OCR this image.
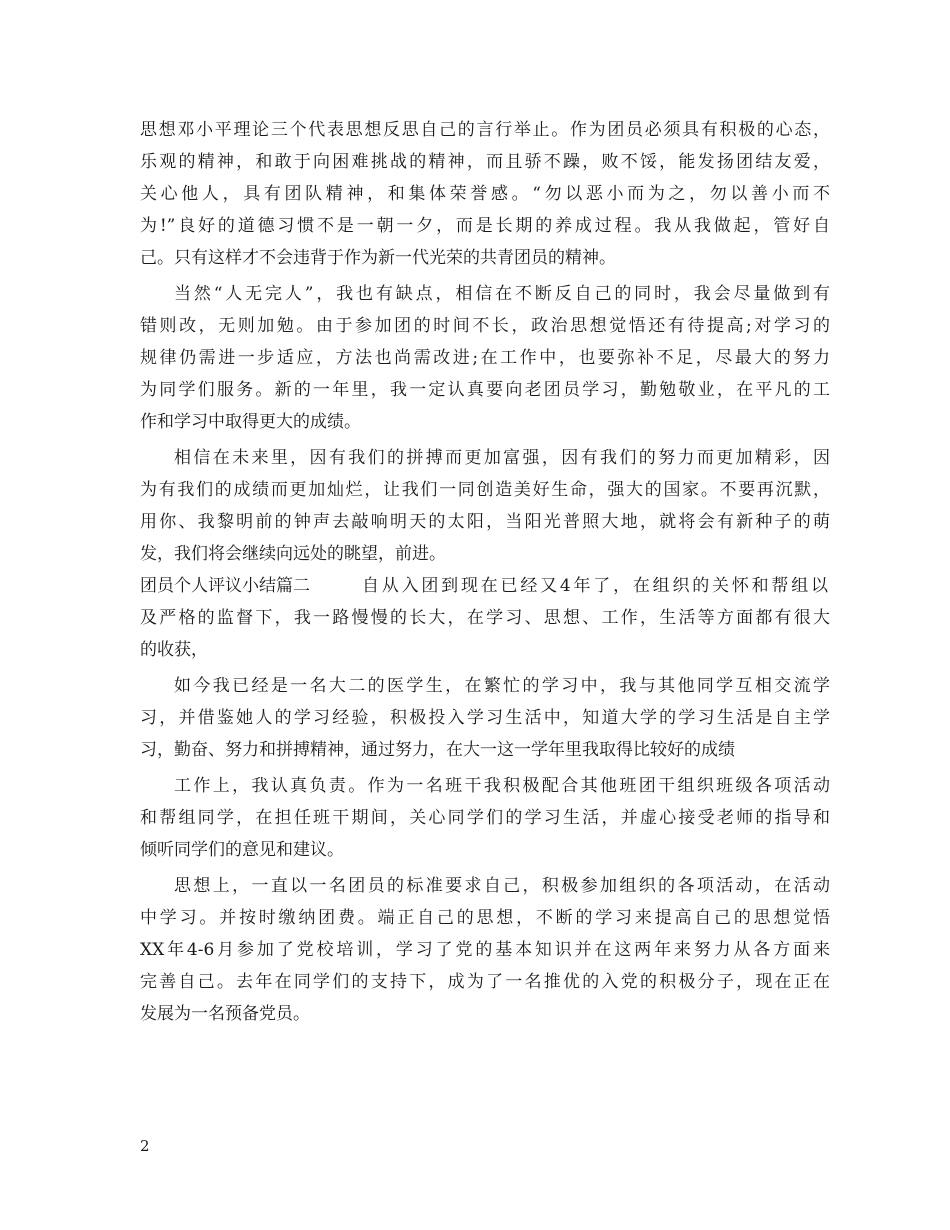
思想邓小平理论三个代表思想反思自己的言行举止。作为团员必须具有积极的心态，
乐观的精神，和敢于向困难挑战的精神，而且骄不躁，败不馁，能发扬团结友爱，
关心他人，具有团队精神，和集体荣誉感。“勿以恶小而为之，勿以善小而不
为!”良好的道德习惯不是一朝一夕，而是长期的养成过程。我从我做起，管好自
己。只有这样才不会违背于作为新一代光荣的共青团员的精神。
当然“人无完人”，我也有缺点，相信在不断反自己的同时，我会尽量做到有
错则改，无则加勉。由于参加团的时间不长，政治思想觉悟还有待提高;对学习的
规律仍需进一步适应，方法也尚需改进;在工作中，也要弥补不足，尽最大的努力
为同学们服务。新的一年里，我一定认真要向老团员学习，勤勉敬业，在平凡的工
作和学习中取得更大的成绩。
相信在未来里，因有我们的拼搏而更加富强，因有我们的努力而更加精彩，因
为有我们的成绩而更加灿烂，让我们一同创造美好生命，强大的国家。不要再沉默，
用你、我黎明前的钟声去敲响明天的太阳，当阳光普照大地，就将会有新种子的萌
发，我们将会继续向远处的眺望，前进。
团员个人评议小结篇二	自从入团到现在已经又4年了，在组织的关怀和帮组以
及严格的监督下，我一路慢慢的长大，在学习、思想、工作，生活等方面都有很大
的收获，
如今我已经是一名大二的医学生，在繁忙的学习中，我与其他同学互相交流学
习，并借鉴她人的学习经验，积极投入学习生活中，知道大学的学习生活是自主学
习，勤奋、努力和拼搏精神，通过努力，在大一这一学年里我取得比较好的成绩
工作上，我认真负责。作为一名班干我积极配合其他班团干组织班级各项活动
和帮组同学，在担任班干期间，关心同学们的学习生活，并虚心接受老师的指导和
倾听同学们的意见和建议。
思想上，一直以一名团员的标准要求自己，积极参加组织的各项活动，在活动
中学习。并按时缴纳团费。端正自己的思想，不断的学习来提高自己的思想觉悟
XX年4-6月参加了党校培训，学习了党的基本知识并在这两年来努力从各方面来
完善自己。去年在同学们的支持下，成为了一名推优的入党的积极分子，现在正在
发展为一名预备党员。
2
